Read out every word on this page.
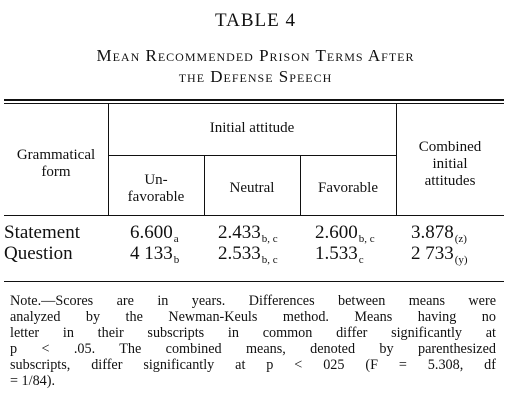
TABLE 4
Mean Recommended Prison Terms After
the Defense Speech
Grammatical
form
Initial attitude
Un-
favorable
Neutral	Favorable
Combined
initial
attitudes
Statement	$6.600_a$ $2.433_{b, c}$ $2.600_{b, c}$ $3.878_{(z)}$
Question	4 $133_b$ $2.533_{b, c}$ $1.533_c$ 2 $733_{(y)}$
Note.—Scores are in years. Differences between means were
analyzed by the Newman-Keuls method. Means having no
letter in their subscripts in common differ significantly at
p < .05. The combined means, denoted by parenthesized
subscripts, differ significantly at p < 025 (F = 5.308, df
= 1/84).
